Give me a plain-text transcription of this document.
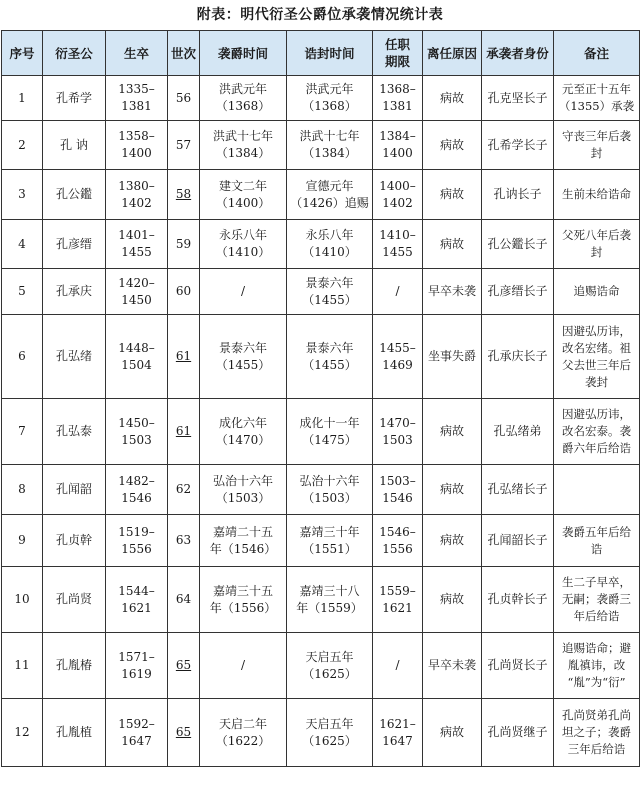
附表：明代衍圣公爵位承袭情况统计表
序号	衍圣公	生卒	世次	袭爵时间	诰封时间	任职
期限	离任原因	承袭者身份	备注
1	孔希学	1335–
1381	56	洪武元年
（1368）	洪武元年
（1368）	1368–
1381	病故	孔克坚长子	元至正十五年
（1355）承袭
2	孔 讷	1358–
1400	57	洪武十七年
（1384）	洪武十七年
（1384）	1384–
1400	病故	孔希学长子	守丧三年后袭
封
3	孔公鑑	1380–
1402	58	建文二年
（1400）	宣德元年
（1426）追赐	1400–
1402	病故	孔讷长子	生前未给诰命
4	孔彦缙	1401–
1455	59	永乐八年
（1410）	永乐八年
（1410）	1410–
1455	病故	孔公鑑长子	父死八年后袭
封
5	孔承庆	1420–
1450	60	/	景泰六年
（1455）	/	早卒未袭	孔彦缙长子	追赐诰命
6	孔弘绪	1448–
1504	61	景泰六年
（1455）	景泰六年
（1455）	1455–
1469	坐事失爵	孔承庆长子	因避弘历讳，
改名宏绪。祖
父去世三年后
袭封
7	孔弘泰	1450–
1503	61	成化六年
（1470）	成化十一年
（1475）	1470–
1503	病故	孔弘绪弟	因避弘历讳，
改名宏泰。袭
爵六年后给诰
8	孔闻韶	1482–
1546	62	弘治十六年
（1503）	弘治十六年
（1503）	1503–
1546	病故	孔弘绪长子	
9	孔贞幹	1519–
1556	63	嘉靖二十五
年（1546）	嘉靖三十年
（1551）	1546–
1556	病故	孔闻韶长子	袭爵五年后给
诰
10	孔尚贤	1544–
1621	64	嘉靖三十五
年（1556）	嘉靖三十八
年（1559）	1559–
1621	病故	孔贞幹长子	生二子早卒，
无嗣；袭爵三
年后给诰
11	孔胤椿	1571–
1619	65	/	天启五年
（1625）	/	早卒未袭	孔尚贤长子	追赐诰命；避
胤禛讳，改
“胤”为“衍”
12	孔胤植	1592–
1647	65	天启二年
（1622）	天启五年
（1625）	1621–
1647	病故	孔尚贤继子	孔尚贤弟孔尚
坦之子；袭爵
三年后给诰
